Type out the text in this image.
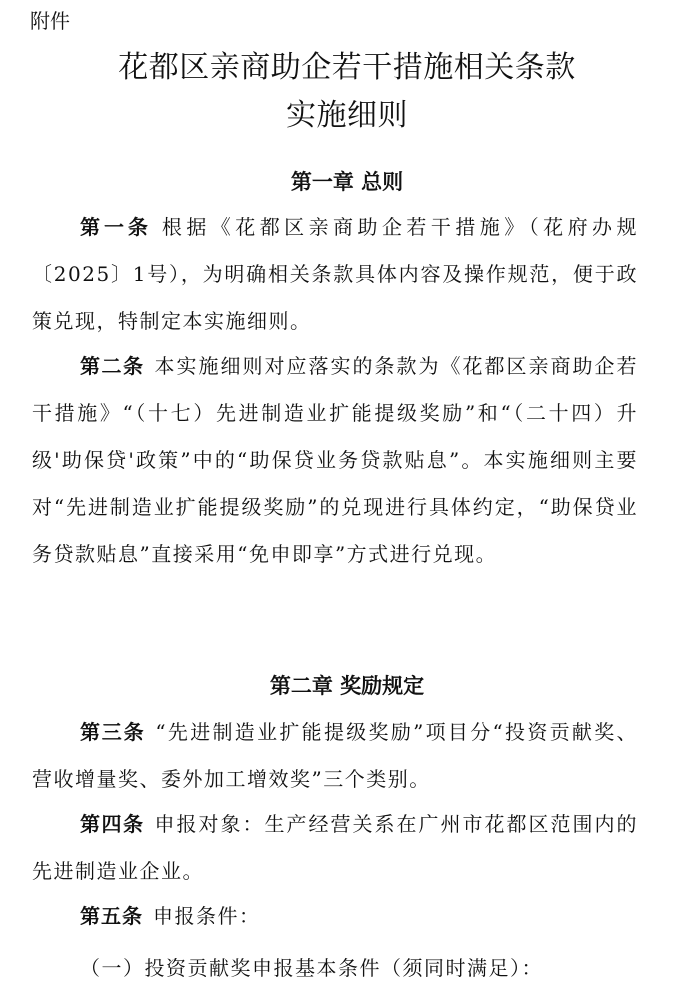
附件
花都区亲商助企若干措施相关条款
实施细则
第一章 总则
第一条 根据《花都区亲商助企若干措施》（花府办规〔2025〕1号），为明确相关条款具体内容及操作规范，便于政策兑现，特制定本实施细则。
第二条 本实施细则对应落实的条款为《花都区亲商助企若干措施》“（十七）先进制造业扩能提级奖励”和“（二十四）升级'助保贷'政策”中的“助保贷业务贷款贴息”。本实施细则主要对“先进制造业扩能提级奖励”的兑现进行具体约定，“助保贷业务贷款贴息”直接采用“免申即享”方式进行兑现。
第二章 奖励规定
第三条 “先进制造业扩能提级奖励”项目分“投资贡献奖、营收增量奖、委外加工增效奖”三个类别。
第四条 申报对象：生产经营关系在广州市花都区范围内的先进制造业企业。
第五条 申报条件：
（一）投资贡献奖申报基本条件（须同时满足）：
